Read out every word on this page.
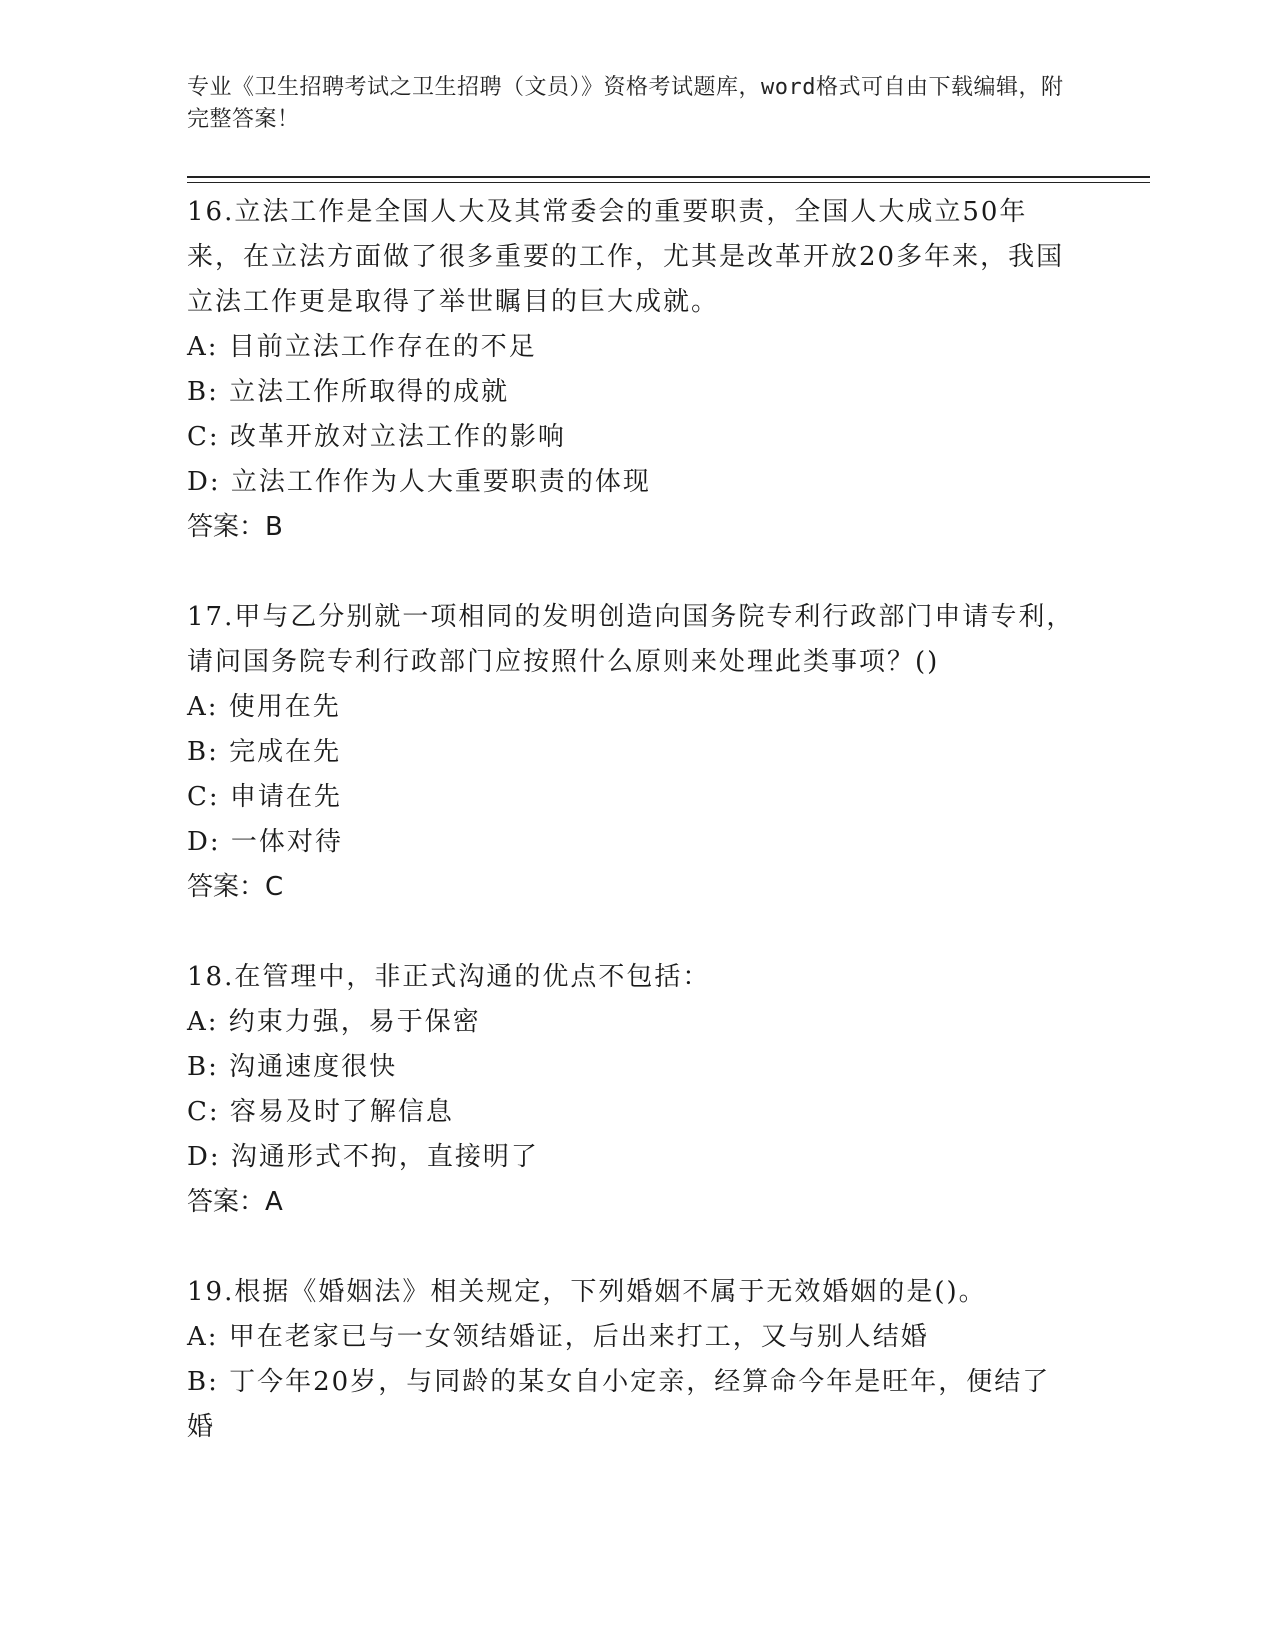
专业《卫生招聘考试之卫生招聘（文员）》资格考试题库，word格式可自由下载编辑，附完整答案！

16.立法工作是全国人大及其常委会的重要职责，全国人大成立50年来，在立法方面做了很多重要的工作，尤其是改革开放20多年来，我国立法工作更是取得了举世瞩目的巨大成就。

A: 目前立法工作存在的不足

B: 立法工作所取得的成就

C: 改革开放对立法工作的影响

D: 立法工作作为人大重要职责的体现

答案：B

17.甲与乙分别就一项相同的发明创造向国务院专利行政部门申请专利，请问国务院专利行政部门应按照什么原则来处理此类事项？()

A: 使用在先

B: 完成在先

C: 申请在先

D: 一体对待

答案：C

18.在管理中，非正式沟通的优点不包括：

A: 约束力强，易于保密

B: 沟通速度很快

C: 容易及时了解信息

D: 沟通形式不拘，直接明了

答案：A

19.根据《婚姻法》相关规定，下列婚姻不属于无效婚姻的是()。

A: 甲在老家已与一女领结婚证，后出来打工，又与别人结婚

B: 丁今年20岁，与同龄的某女自小定亲，经算命今年是旺年，便结了婚
